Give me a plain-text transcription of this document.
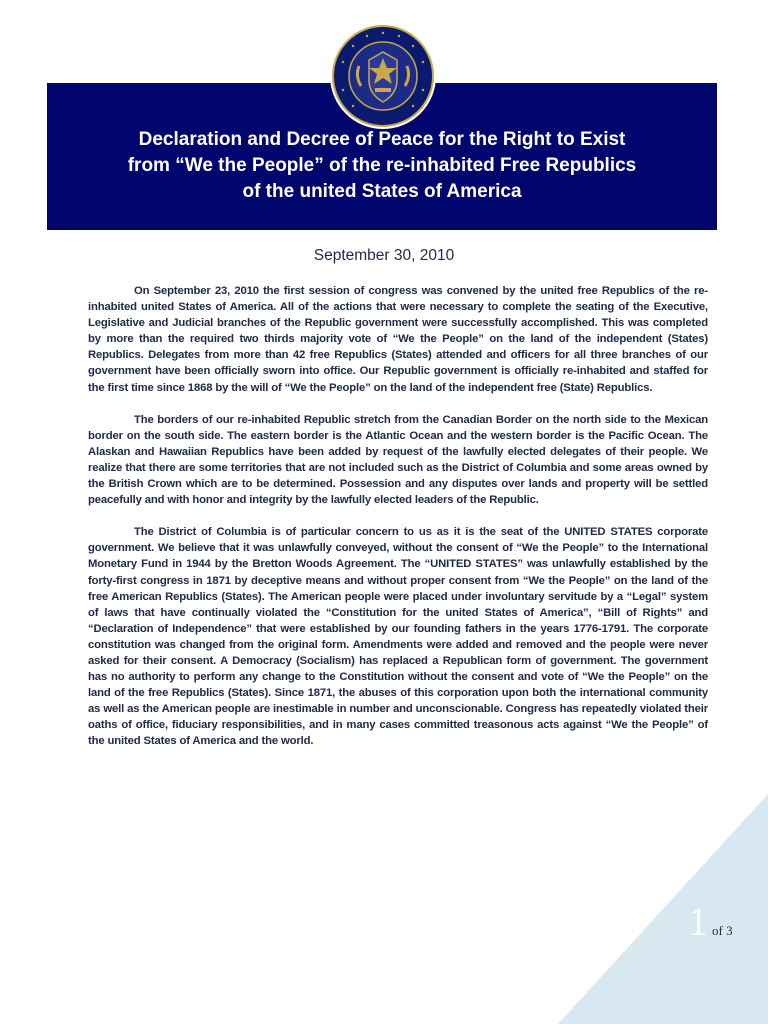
Declaration and Decree of Peace for the Right to Exist
from “We the People” of the re-inhabited Free Republics
of the united States of America
September 30, 2010

On September 23, 2010 the first session of congress was convened by the united free Republics of the re-inhabited united States of America. All of the actions that were necessary to complete the seating of the Executive, Legislative and Judicial branches of the Republic government were successfully accomplished. This was completed by more than the required two thirds majority vote of “We the People” on the land of the independent (States) Republics. Delegates from more than 42 free Republics (States) attended and officers for all three branches of our government have been officially sworn into office. Our Republic government is officially re-inhabited and staffed for the first time since 1868 by the will of “We the People” on the land of the independent free (State) Republics.

The borders of our re-inhabited Republic stretch from the Canadian Border on the north side to the Mexican border on the south side. The eastern border is the Atlantic Ocean and the western border is the Pacific Ocean. The Alaskan and Hawaiian Republics have been added by request of the lawfully elected delegates of their people. We realize that there are some territories that are not included such as the District of Columbia and some areas owned by the British Crown which are to be determined. Possession and any disputes over lands and property will be settled peacefully and with honor and integrity by the lawfully elected leaders of the Republic.

The District of Columbia is of particular concern to us as it is the seat of the UNITED STATES corporate government. We believe that it was unlawfully conveyed, without the consent of “We the People” to the International Monetary Fund in 1944 by the Bretton Woods Agreement. The “UNITED STATES” was unlawfully established by the forty-first congress in 1871 by deceptive means and without proper consent from “We the People” on the land of the free American Republics (States). The American people were placed under involuntary servitude by a “Legal” system of laws that have continually violated the “Constitution for the united States of America”, “Bill of Rights” and “Declaration of Independence” that were established by our founding fathers in the years 1776-1791. The corporate constitution was changed from the original form. Amendments were added and removed and the people were never asked for their consent. A Democracy (Socialism) has replaced a Republican form of government. The government has no authority to perform any change to the Constitution without the consent and vote of “We the People” on the land of the free Republics (States). Since 1871, the abuses of this corporation upon both the international community as well as the American people are inestimable in number and unconscionable. Congress has repeatedly violated their oaths of office, fiduciary responsibilities, and in many cases committed treasonous acts against “We the People” of the united States of America and the world.

1 of 3
